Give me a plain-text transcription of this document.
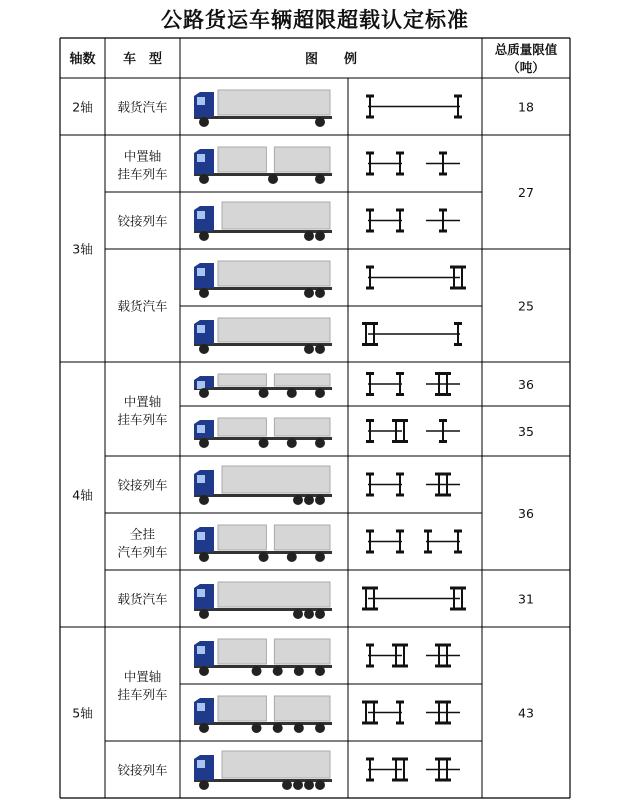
公路货运车辆超限超载认定标准
轴数 车　型	图　　例
总质量限值
（吨）
2轴 载货汽车	18
3轴
中置轴
挂车列车
铰接列车
载货汽车
27
25
4轴
中置轴
挂车列车
铰接列车
全挂
汽车列车
载货汽车
36
35
36
31
5轴
中置轴
挂车列车
铰接列车
43
